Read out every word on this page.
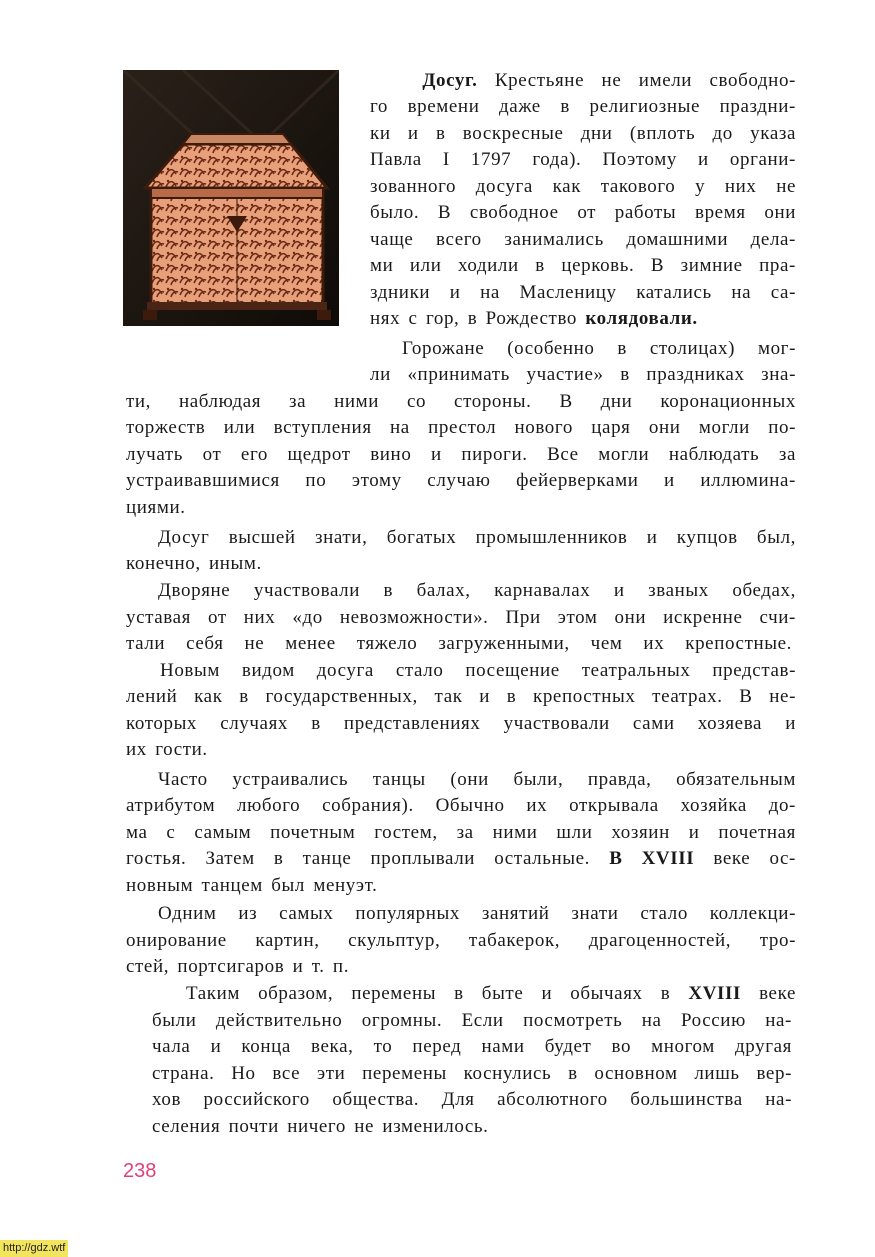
Досуг. Крестьяне не имели свободно-
го времени даже в религиозные праздни-
ки и в воскресные дни (вплоть до указа
Павла I 1797 года). Поэтому и органи-
зованного досуга как такового у них не
было. В свободное от работы время они
чаще всего занимались домашними дела-
ми или ходили в церковь. В зимние пра-
здники и на Масленицу катались на са-
нях с гор, в Рождество колядовали.
Горожане (особенно в столицах) мог-
ли «принимать участие» в праздниках зна-
ти, наблюдая за ними со стороны. В дни коронационных
торжеств или вступления на престол нового царя они могли по-
лучать от его щедрот вино и пироги. Все могли наблюдать за
устраивавшимися по этому случаю фейерверками и иллюмина-
циями.
Досуг высшей знати, богатых промышленников и купцов был,
конечно, иным.
Дворяне участвовали в балах, карнавалах и званых обедах,
уставая от них «до невозможности». При этом они искренне счи-
тали себя не менее тяжело загруженными, чем их крепостные.
Новым видом досуга стало посещение театральных представ-
лений как в государственных, так и в крепостных театрах. В не-
которых случаях в представлениях участвовали сами хозяева и
их гости.
Часто устраивались танцы (они были, правда, обязательным
атрибутом любого собрания). Обычно их открывала хозяйка до-
ма с самым почетным гостем, за ними шли хозяин и почетная
гостья. Затем в танце проплывали остальные. В XVIII веке ос-
новным танцем был менуэт.
Одним из самых популярных занятий знати стало коллекци-
онирование картин, скульптур, табакерок, драгоценностей, тро-
стей, портсигаров и т. п.
Таким образом, перемены в быте и обычаях в XVIII веке
были действительно огромны. Если посмотреть на Россию на-
чала и конца века, то перед нами будет во многом другая
страна. Но все эти перемены коснулись в основном лишь вер-
хов российского общества. Для абсолютного большинства на-
селения почти ничего не изменилось.
238
http://gdz.wtf
